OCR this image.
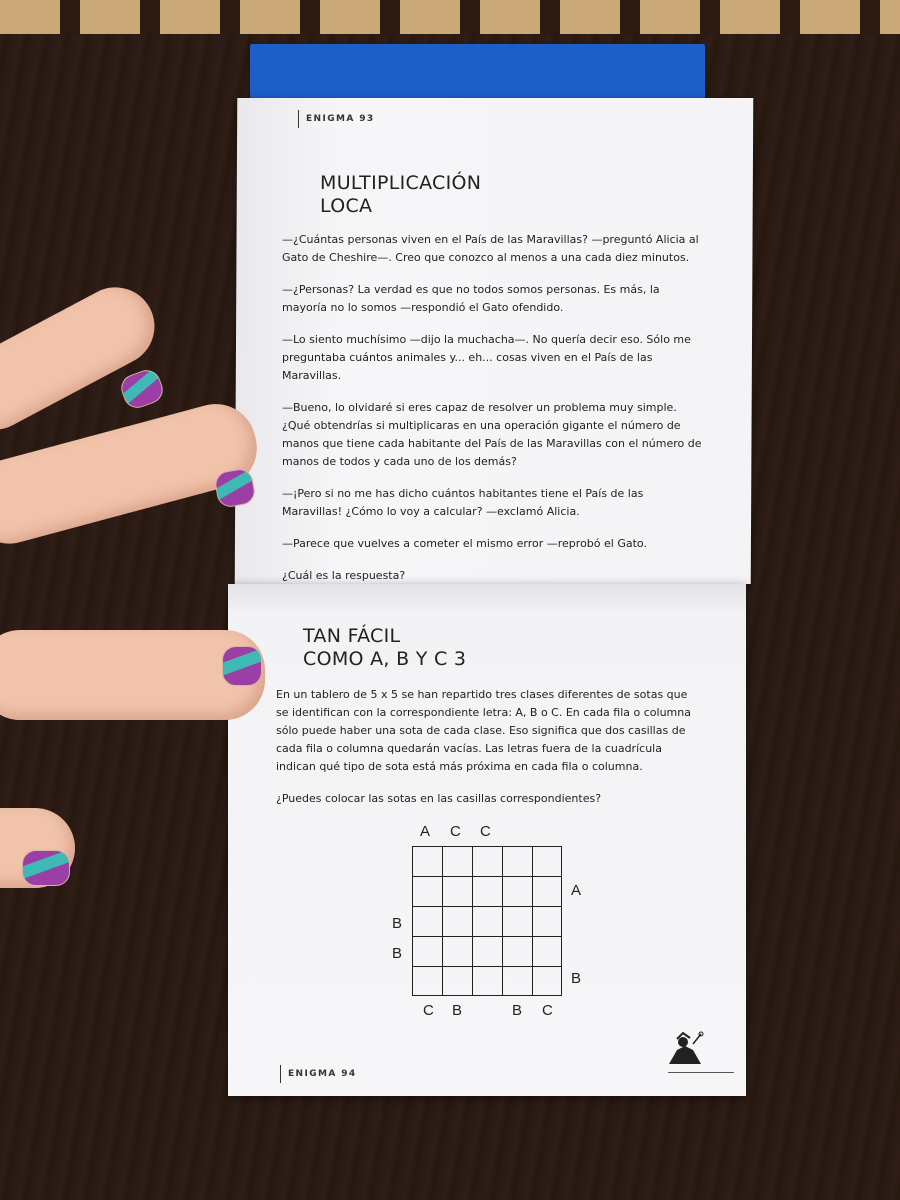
ENIGMA 93
MULTIPLICACIÓN
LOCA

—¿Cuántas personas viven en el País de las Maravillas? —preguntó Alicia al Gato de Cheshire—. Creo que conozco al menos a una cada diez minutos.

—¿Personas? La verdad es que no todos somos personas. Es más, la mayoría no lo somos —respondió el Gato ofendido.

—Lo siento muchísimo —dijo la muchacha—. No quería decir eso. Sólo me preguntaba cuántos animales y... eh... cosas viven en el País de las Maravillas.

—Bueno, lo olvidaré si eres capaz de resolver un problema muy simple. ¿Qué obtendrías si multiplicaras en una operación gigante el número de manos que tiene cada habitante del País de las Maravillas con el número de manos de todos y cada uno de los demás?

—¡Pero si no me has dicho cuántos habitantes tiene el País de las Maravillas! ¿Cómo lo voy a calcular? —exclamó Alicia.

—Parece que vuelves a cometer el mismo error —reprobó el Gato.

¿Cuál es la respuesta?

TAN FÁCIL
COMO A, B Y C 3

En un tablero de 5 x 5 se han repartido tres clases diferentes de sotas que se identifican con la correspondiente letra: A, B o C. En cada fila o columna sólo puede haber una sota de cada clase. Eso significa que dos casillas de cada fila o columna quedarán vacías. Las letras fuera de la cuadrícula indican qué tipo de sota está más próxima en cada fila o columna.

¿Puedes colocar las sotas en las casillas correspondientes?

A C C
A
B
B
B
C B	B C
ENIGMA 94
